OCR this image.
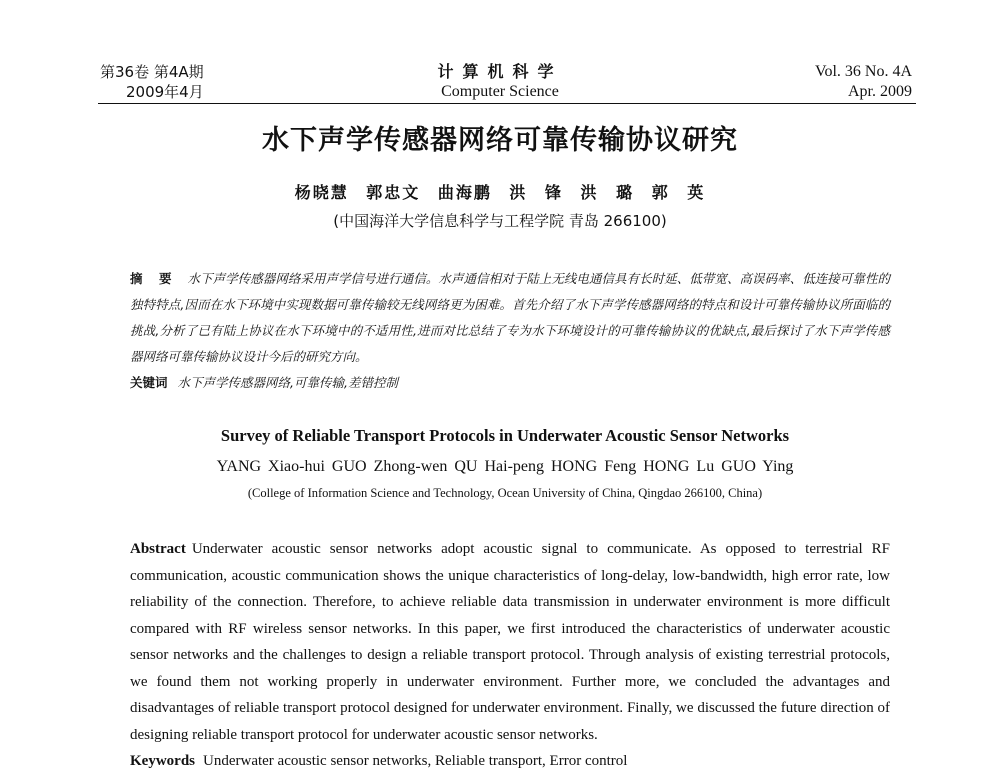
第36卷 第4A期
2009年4月
计算机科学
Computer Science
Vol. 36 No. 4A
Apr. 2009
水下声学传感器网络可靠传输协议研究
杨晓慧 郭忠文 曲海鹏 洪 锋 洪 璐 郭 英
(中国海洋大学信息科学与工程学院 青岛 266100)
摘 要 水下声学传感器网络采用声学信号进行通信。水声通信相对于陆上无线电通信具有长时延、低带宽、高误码率、低连接可靠性的独特特点,因而在水下环境中实现数据可靠传输较无线网络更为困难。首先介绍了水下声学传感器网络的特点和设计可靠传输协议所面临的挑战,分析了已有陆上协议在水下环境中的不适用性,进而对比总结了专为水下环境设计的可靠传输协议的优缺点,最后探讨了水下声学传感器网络可靠传输协议设计今后的研究方向。
关键词 水下声学传感器网络,可靠传输,差错控制
Survey of Reliable Transport Protocols in Underwater Acoustic Sensor Networks
YANG Xiao-hui GUO Zhong-wen QU Hai-peng HONG Feng HONG Lu GUO Ying
(College of Information Science and Technology, Ocean University of China, Qingdao 266100, China)
Abstract Underwater acoustic sensor networks adopt acoustic signal to communicate. As opposed to terrestrial RF communication, acoustic communication shows the unique characteristics of long-delay, low-bandwidth, high error rate, low reliability of the connection. Therefore, to achieve reliable data transmission in underwater environment is more difficult compared with RF wireless sensor networks. In this paper, we first introduced the characteristics of underwater acoustic sensor networks and the challenges to design a reliable transport protocol. Through analysis of existing terrestrial protocols, we found them not working properly in underwater environment. Further more, we concluded the advantages and disadvantages of reliable transport protocol designed for underwater environment. Finally, we discussed the future direction of designing reliable transport protocol for underwater acoustic sensor networks.
Keywords Underwater acoustic sensor networks, Reliable transport, Error control
